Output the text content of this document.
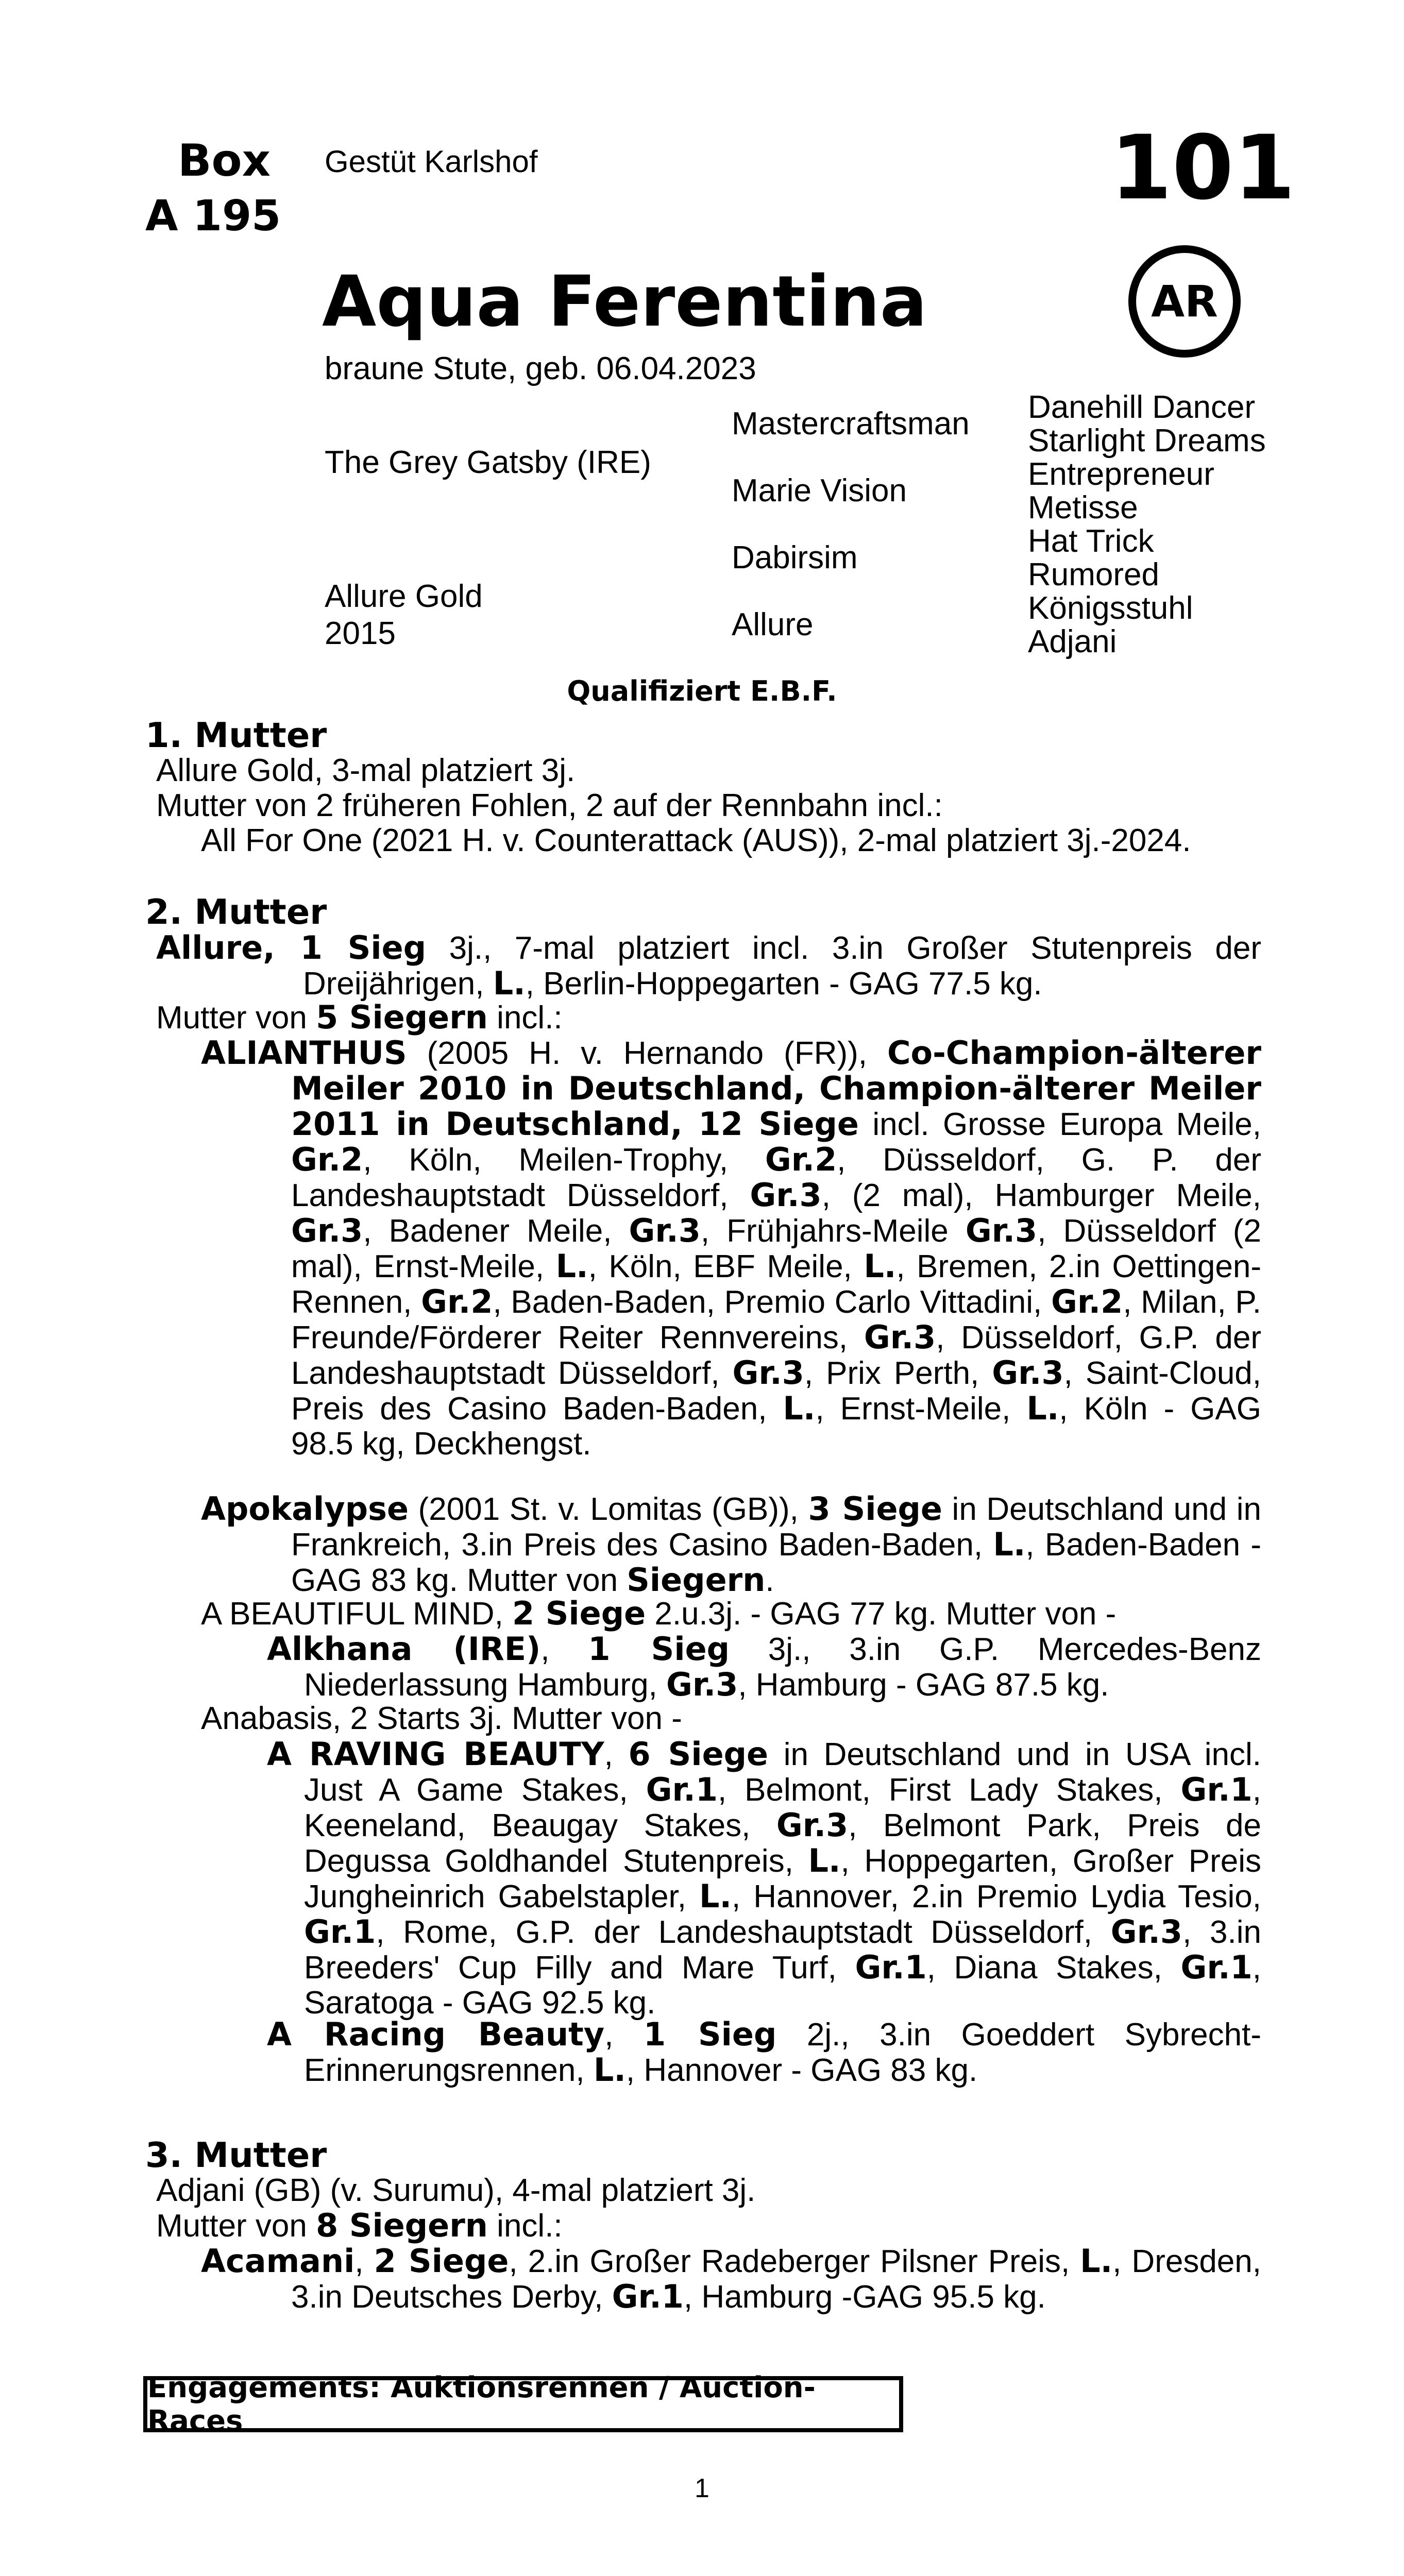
Box
A 195
Gestüt Karlshof	101
AR
Aqua Ferentina
braune Stute, geb. 06.04.2023
The Grey Gatsby (IRE)
Allure Gold
2015
Mastercraftsman
Marie Vision
Dabirsim
Allure
Danehill Dancer
Starlight Dreams
Entrepreneur
Metisse
Hat Trick
Rumored
Königsstuhl
Adjani
Qualifiziert E.B.F.
1. Mutter
Allure Gold, 3-mal platziert 3j.
Mutter von 2 früheren Fohlen, 2 auf der Rennbahn incl.:
All For One (2021 H. v. Counterattack (AUS)), 2-mal platziert 3j.-2024.
2. Mutter
Allure, 1 Sieg 3j., 7-mal platziert incl. 3.in Großer Stutenpreis der Dreijährigen, L., Berlin-Hoppegarten - GAG 77.5 kg.
Mutter von 5 Siegern incl.:
ALIANTHUS (2005 H. v. Hernando (FR)), Co-Champion-älterer Meiler 2010 in Deutschland, Champion-älterer Meiler 2011 in Deutschland, 12 Siege incl. Grosse Europa Meile, Gr.2, Köln, Meilen-Trophy, Gr.2, Düsseldorf, G. P. der Landeshauptstadt Düsseldorf, Gr.3, (2 mal), Hamburger Meile, Gr.3, Badener Meile, Gr.3, Frühjahrs-Meile Gr.3, Düsseldorf (2 mal), Ernst-Meile, L., Köln, EBF Meile, L., Bremen, 2.in Oettingen-Rennen, Gr.2, Baden-Baden, Premio Carlo Vittadini, Gr.2, Milan, P. Freunde/Förderer Reiter Rennvereins, Gr.3, Düsseldorf, G.P. der Landeshauptstadt Düsseldorf, Gr.3, Prix Perth, Gr.3, Saint-Cloud, Preis des Casino Baden-Baden, L., Ernst-Meile, L., Köln - GAG 98.5 kg, Deckhengst.
Apokalypse (2001 St. v. Lomitas (GB)), 3 Siege in Deutschland und in Frankreich, 3.in Preis des Casino Baden-Baden, L., Baden-Baden - GAG 83 kg. Mutter von Siegern.
A BEAUTIFUL MIND, 2 Siege 2.u.3j. - GAG 77 kg. Mutter von -
Alkhana (IRE), 1 Sieg 3j., 3.in G.P. Mercedes-Benz Niederlassung Hamburg, Gr.3, Hamburg - GAG 87.5 kg.
Anabasis, 2 Starts 3j. Mutter von -
A RAVING BEAUTY, 6 Siege in Deutschland und in USA incl. Just A Game Stakes, Gr.1, Belmont, First Lady Stakes, Gr.1, Keeneland, Beaugay Stakes, Gr.3, Belmont Park, Preis de Degussa Goldhandel Stutenpreis, L., Hoppegarten, Großer Preis Jungheinrich Gabelstapler, L., Hannover, 2.in Premio Lydia Tesio, Gr.1, Rome, G.P. der Landeshauptstadt Düsseldorf, Gr.3, 3.in Breeders' Cup Filly and Mare Turf, Gr.1, Diana Stakes, Gr.1, Saratoga - GAG 92.5 kg.
A Racing Beauty, 1 Sieg 2j., 3.in Goeddert Sybrecht-Erinnerungsrennen, L., Hannover - GAG 83 kg.
3. Mutter
Adjani (GB) (v. Surumu), 4-mal platziert 3j.
Mutter von 8 Siegern incl.:
Acamani, 2 Siege, 2.in Großer Radeberger Pilsner Preis, L., Dresden, 3.in Deutsches Derby, Gr.1, Hamburg -GAG 95.5 kg.
Engagements: Auktionsrennen / Auction-Races
1
